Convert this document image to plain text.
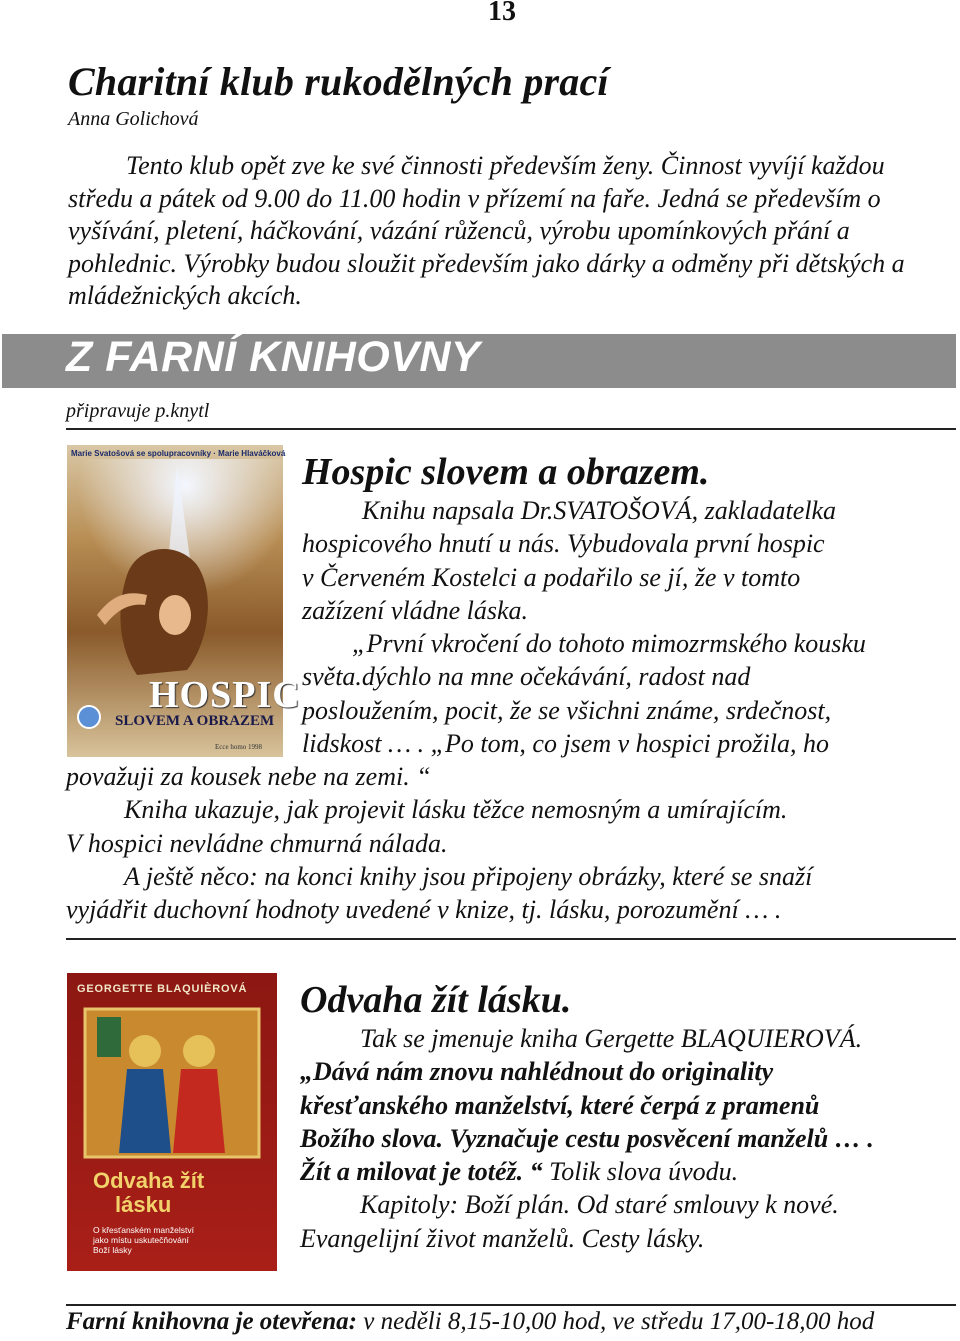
13
Charitní klub rukodělných prací
Anna Golichová

Tento klub opět zve ke své činnosti především ženy. Činnost vyvíjí každou středu a pátek od 9.00 do 11.00 hodin v přízemí na faře. Jedná se především o vyšívání, pletení, háčkování, vázání růženců, výrobu upomínkových přání a pohlednic. Výrobky budou sloužit především jako dárky a odměny při dětských a mládežnických akcích.

Z FARNÍ KNIHOVNY
připravuje p.knytl
Marie Svatošová se spolupracovníky · Marie Hlaváčková
HOSPIC
SLOVEM A OBRAZEM
Ecce homo 1998
Hospic slovem a obrazem.

Knihu napsala Dr.SVATOŠOVÁ, zakladatelka

hospicového hnutí u nás. Vybudovala první hospic

v Červeném Kostelci a podařilo se jí, že v tomto

zažízení vládne láska.

„První vkročení do tohoto mimozrmského kousku

světa.dýchlo na mne očekávání, radost nad

posloužením, pocit, že se všichni známe, srdečnost,

lidskost … . „Po tom, co jsem v hospici prožila, ho

považuji za kousek nebe na zemi. “

Kniha ukazuje, jak projevit lásku těžce nemosným a umírajícím.

V hospici nevládne chmurná nálada.

A ještě něco: na konci knihy jsou připojeny obrázky, které se snaží

vyjádřit duchovní hodnoty uvedené v knize, tj. lásku, porozumění … .

GEORGETTE BLAQUIÈROVÁ
Odvaha žít
lásku
O křesťanském manželství
jako místu uskutečňování
Boží lásky
Odvaha žít lásku.

Tak se jmenuje kniha Gergette BLAQUIEROVÁ.

„Dává nám znovu nahlédnout do originality

křesťanského manželství, které čerpá z pramenů

Božího slova. Vyznačuje cestu posvěcení manželů … .

Žít a milovat je totéž. “ Tolik slova úvodu.

Kapitoly: Boží plán. Od staré smlouvy k nové.

Evangelijní život manželů. Cesty lásky.

Farní knihovna je otevřena: v neděli 8,15-10,00 hod, ve středu 17,00-18,00 hod
